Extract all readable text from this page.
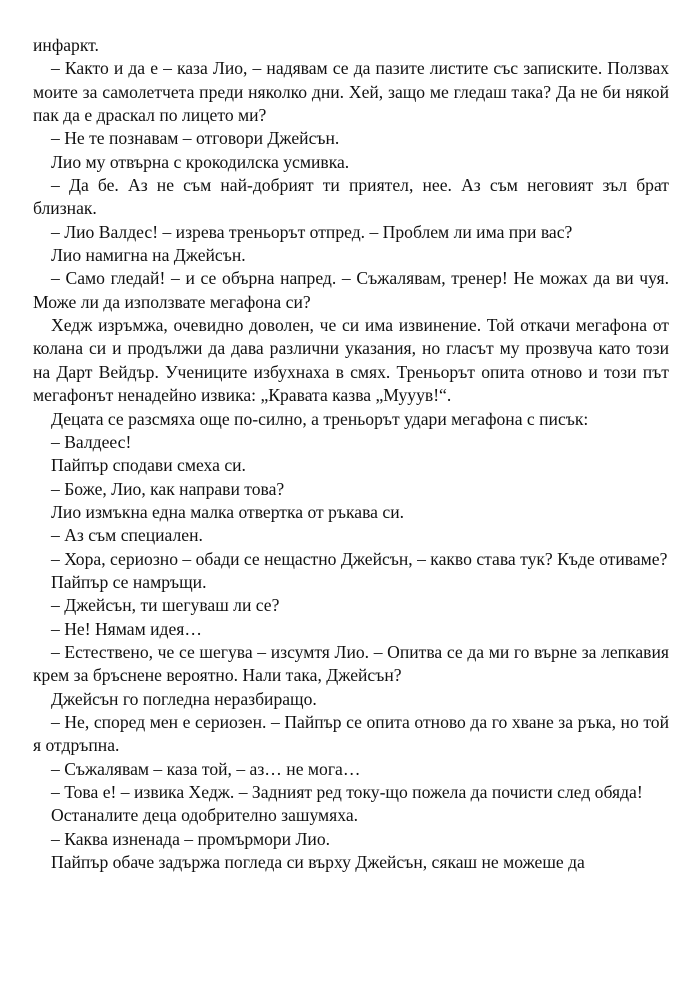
инфаркт.

– Както и да е – каза Лио, – надявам се да пазите листите със записките. Ползвах моите за самолетчета преди няколко дни. Хей, защо ме гледаш така? Да не би някой пак да е драскал по лицето ми?

– Не те познавам – отговори Джейсън.

Лио му отвърна с крокодилска усмивка.

– Да бе. Аз не съм най-добрият ти приятел, нее. Аз съм неговият зъл брат близнак.

– Лио Валдес! – изрева треньорът отпред. – Проблем ли има при вас?

Лио намигна на Джейсън.

– Само гледай! – и се обърна напред. – Съжалявам, тренер! Не можах да ви чуя. Може ли да използвате мегафона си?

Хедж изръмжа, очевидно доволен, че си има извинение. Той откачи мегафона от колана си и продължи да дава различни указания, но гласът му прозвуча като този на Дарт Вейдър. Учениците избухнаха в смях. Треньорът опита отново и този път мегафонът ненадейно извика: „Кравата казва „Мууув!“.

Децата се разсмяха още по-силно, а треньорът удари мегафона с писък:

– Валдеес!

Пайпър сподави смеха си.

– Боже, Лио, как направи това?

Лио измъкна една малка отвертка от ръкава си.

– Аз съм специален.

– Хора, сериозно – обади се нещастно Джейсън, – какво става тук? Къде отиваме?

Пайпър се намръщи.

– Джейсън, ти шегуваш ли се?

– Не! Нямам идея…

– Естествено, че се шегува – изсумтя Лио. – Опитва се да ми го върне за лепкавия крем за бръснене вероятно. Нали така, Джейсън?

Джейсън го погледна неразбиращо.

– Не, според мен е сериозен. – Пайпър се опита отново да го хване за ръка, но той я отдръпна.

– Съжалявам – каза той, – аз… не мога…

– Това е! – извика Хедж. – Задният ред току-що пожела да почисти след обяда!

Останалите деца одобрително зашумяха.

– Каква изненада – промърмори Лио.

Пайпър обаче задържа погледа си върху Джейсън, сякаш не можеше да
